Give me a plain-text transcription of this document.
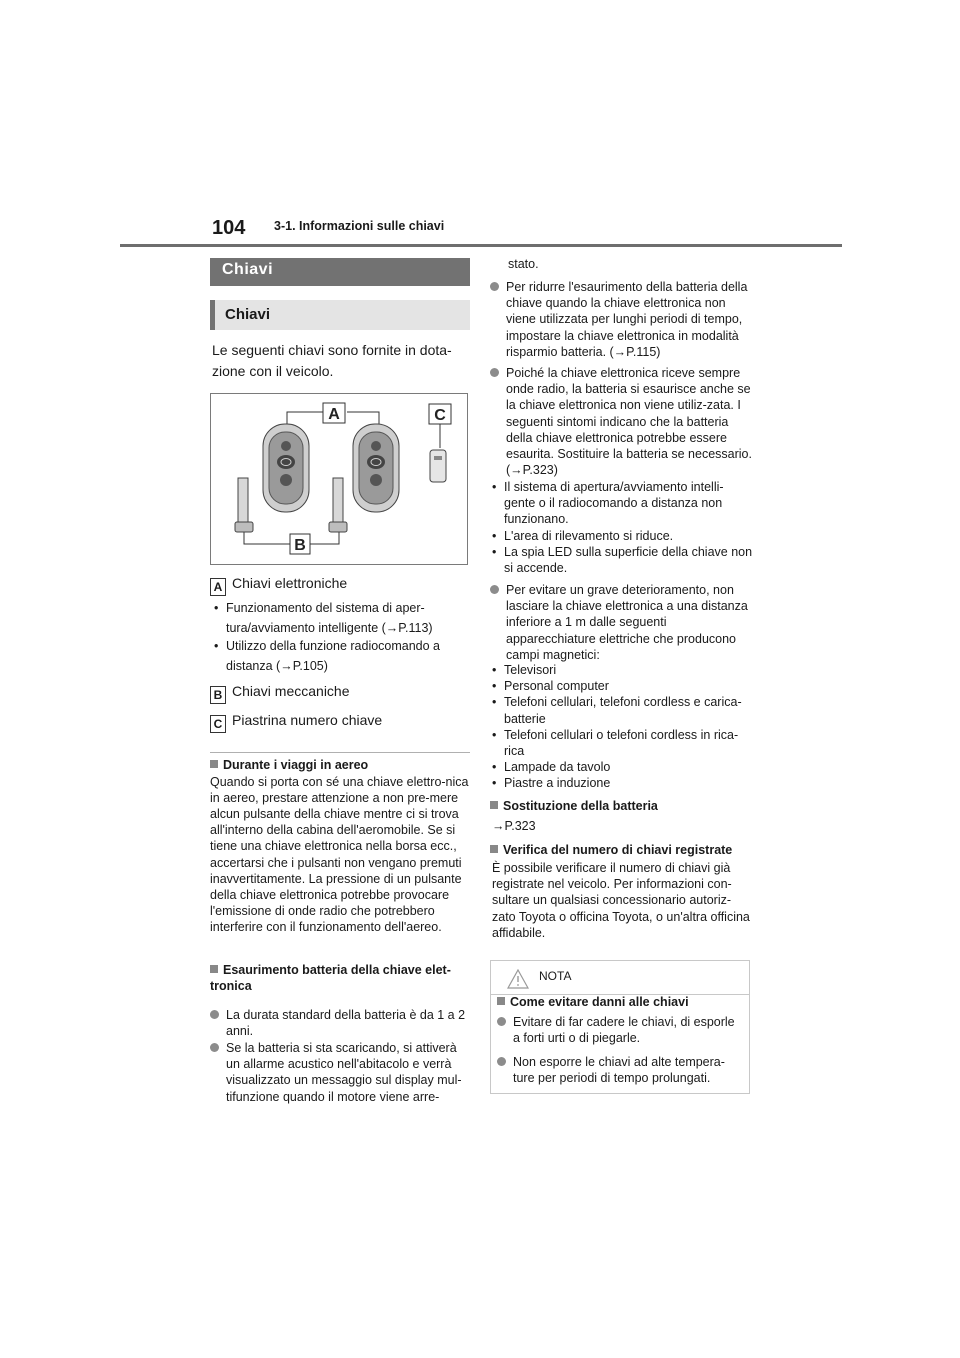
104 3-1. Informazioni sulle chiavi
Chiavi
Chiavi
Le seguenti chiavi sono fornite in dota-zione con il veicolo.
A
B
C
A Chiavi elettroniche
• Funzionamento del sistema di aper-tura/avviamento intelligente (→P.113)
• Utilizzo della funzione radiocomando a distanza (→P.105)
B Chiavi meccaniche
C Piastrina numero chiave
Durante i viaggi in aereo
Quando si porta con sé una chiave elettro-nica in aereo, prestare attenzione a non pre-mere alcun pulsante della chiave mentre ci si trova all'interno della cabina dell'aeromobile. Se si tiene una chiave elettronica nella borsa ecc., accertarsi che i pulsanti non vengano premuti inavvertitamente. La pressione di un pulsante della chiave elettronica potrebbe provocare l'emissione di onde radio che potrebbero interferire con il funzionamento dell'aereo.
Esaurimento batteria della chiave elet-tronica
La durata standard della batteria è da 1 a 2 anni.
Se la batteria si sta scaricando, si attiverà un allarme acustico nell'abitacolo e verrà visualizzato un messaggio sul display mul-tifunzione quando il motore viene arre-
stato.
Per ridurre l'esaurimento della batteria della chiave quando la chiave elettronica non viene utilizzata per lunghi periodi di tempo, impostare la chiave elettronica in modalità risparmio batteria. (→P.115)
Poiché la chiave elettronica riceve sempre onde radio, la batteria si esaurisce anche se la chiave elettronica non viene utiliz-zata. I seguenti sintomi indicano che la batteria della chiave elettronica potrebbe essere esaurita. Sostituire la batteria se necessario. (→P.323)
• Il sistema di apertura/avviamento intelli-gente o il radiocomando a distanza non funzionano.
• L'area di rilevamento si riduce.
• La spia LED sulla superficie della chiave non si accende.
Per evitare un grave deterioramento, non lasciare la chiave elettronica a una distanza inferiore a 1 m dalle seguenti apparecchiature elettriche che producono campi magnetici:
• Televisori
• Personal computer
• Telefoni cellulari, telefoni cordless e carica-batterie
• Telefoni cellulari o telefoni cordless in rica-rica
• Lampade da tavolo
• Piastre a induzione
Sostituzione della batteria
→P.323
Verifica del numero di chiavi registrate
È possibile verificare il numero di chiavi già registrate nel veicolo. Per informazioni con-sultare un qualsiasi concessionario autoriz-zato Toyota o officina Toyota, o un'altra officina affidabile.
NOTA
Come evitare danni alle chiavi
Evitare di far cadere le chiavi, di esporle a forti urti o di piegarle.
Non esporre le chiavi ad alte tempera-ture per periodi di tempo prolungati.
